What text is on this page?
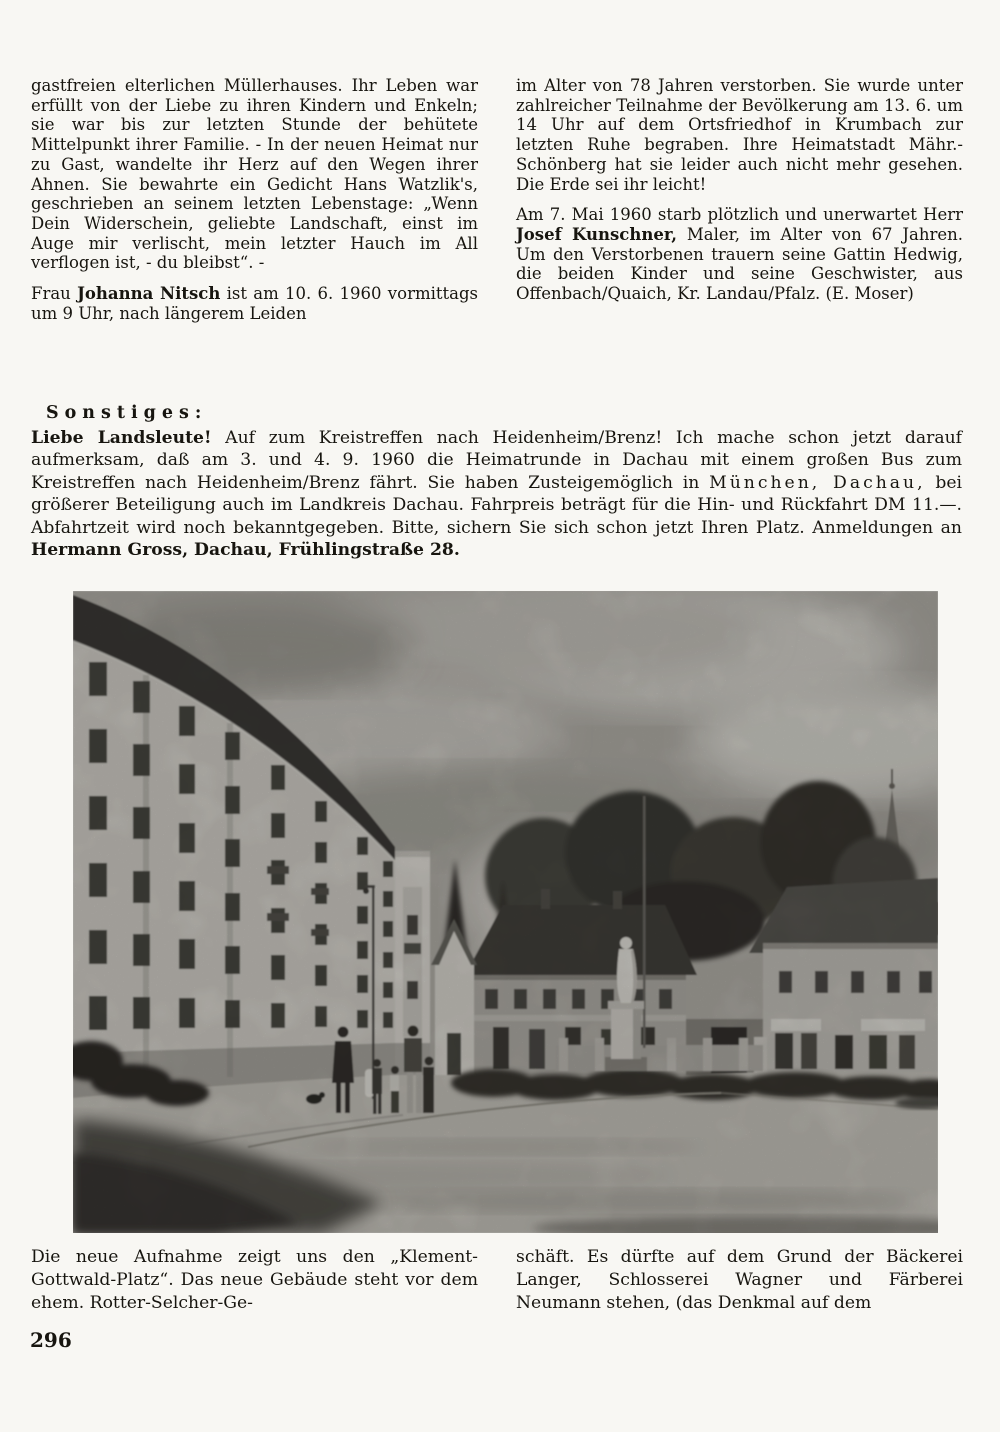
gastfreien elterlichen Müllerhauses. Ihr Leben war erfüllt von der Liebe zu ihren Kindern und Enkeln; sie war bis zur letzten Stunde der behütete Mittelpunkt ihrer Familie. - In der neuen Heimat nur zu Gast, wandelte ihr Herz auf den Wegen ihrer Ahnen. Sie bewahrte ein Gedicht Hans Watzlik's, geschrieben an seinem letzten Lebenstage: „Wenn Dein Widerschein, geliebte Landschaft, einst im Auge mir verlischt, mein letzter Hauch im All verflogen ist, - du bleibst“. -

Frau Johanna Nitsch ist am 10. 6. 1960 vormittags um 9 Uhr, nach längerem Leiden

im Alter von 78 Jahren verstorben. Sie wurde unter zahlreicher Teilnahme der Bevölkerung am 13. 6. um 14 Uhr auf dem Ortsfriedhof in Krumbach zur letzten Ruhe begraben. Ihre Heimatstadt Mähr.-Schönberg hat sie leider auch nicht mehr gesehen. Die Erde sei ihr leicht!

Am 7. Mai 1960 starb plötzlich und unerwartet Herr Josef Kunschner, Maler, im Alter von 67 Jahren. Um den Verstorbenen trauern seine Gattin Hedwig, die beiden Kinder und seine Geschwister, aus Offenbach/Quaich, Kr. Landau/Pfalz. (E. Moser)

Sonstiges:
Liebe Landsleute! Auf zum Kreistreffen nach Heidenheim/Brenz! Ich mache schon jetzt darauf aufmerksam, daß am 3. und 4. 9. 1960 die Heimatrunde in Dachau mit einem großen Bus zum Kreistreffen nach Heidenheim/Brenz fährt. Sie haben Zusteigemöglich in München, Dachau, bei größerer Beteiligung auch im Landkreis Dachau. Fahrpreis beträgt für die Hin- und Rückfahrt DM 11.—. Abfahrtzeit wird noch bekanntgegeben. Bitte, sichern Sie sich schon jetzt Ihren Platz. Anmeldungen an Hermann Gross, Dachau, Frühlingstraße 28.
Die neue Aufnahme zeigt uns den „Klement-Gottwald-Platz“. Das neue Gebäude steht vor dem ehem. Rotter-Selcher-Ge-
schäft. Es dürfte auf dem Grund der Bäckerei Langer, Schlosserei Wagner und Färberei Neumann stehen, (das Denkmal auf dem
296
